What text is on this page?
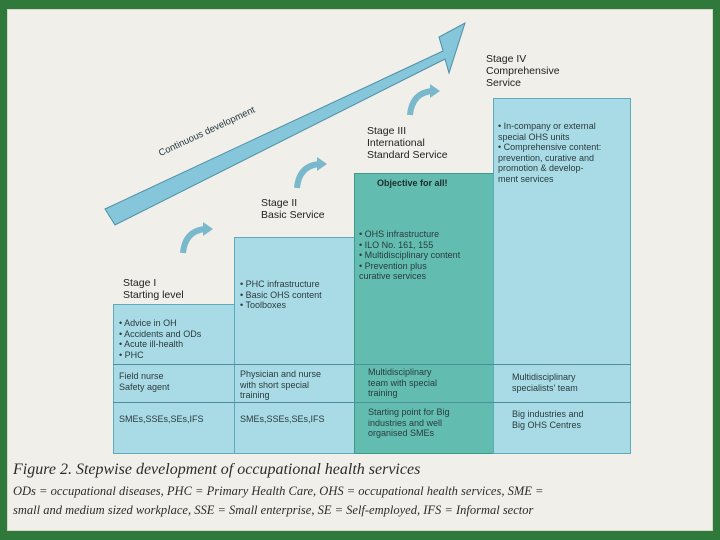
Continuous development
Stage I
Starting level
Stage II
Basic Service
Stage III
International
Standard Service
Stage IV
Comprehensive
Service
• Advice in OH
• Accidents and ODs
• Acute ill-health
• PHC
Field nurse
Safety agent
SMEs,SSEs,SEs,IFS
• PHC infrastructure
• Basic OHS content
• Toolboxes
Physician and nurse
with short special
training
SMEs,SSEs,SEs,IFS
Objective for all!
• OHS infrastructure
• ILO No. 161, 155
• Multidisciplinary content
• Prevention plus
curative services
Multidisciplinary
team with special
training
Starting point for Big
industries and well
organised SMEs
• In-company or external
special OHS units
• Comprehensive content:
prevention, curative and
promotion & develop-
ment services
Multidisciplinary
specialists' team
Big industries and
Big OHS Centres
Figure 2. Stepwise development of occupational health services
ODs = occupational diseases, PHC = Primary Health Care, OHS = occupational health services, SME =
small and medium sized workplace, SSE = Small enterprise, SE = Self-employed, IFS = Informal sector
